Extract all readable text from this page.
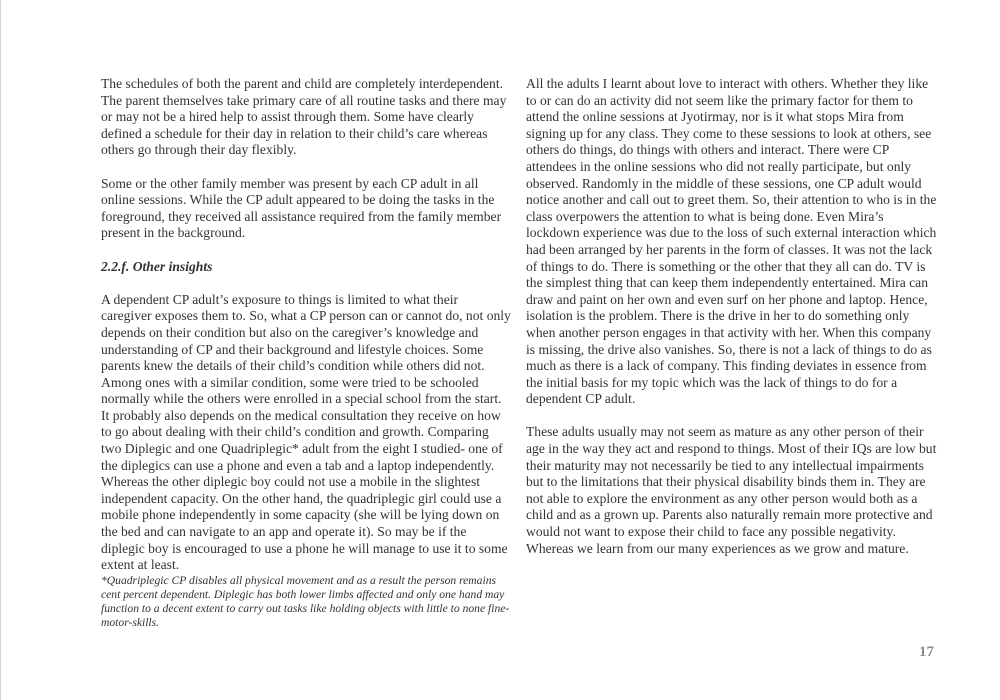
The schedules of both the parent and child are completely interdependent. The parent themselves take primary care of all routine tasks and there may or may not be a hired help to assist through them. Some have clearly defined a schedule for their day in relation to their child’s care whereas others go through their day flexibly.

Some or the other family member was present by each CP adult in all online sessions. While the CP adult appeared to be doing the tasks in the foreground, they received all assistance required from the family member present in the background.

2.2.f. Other insights

A dependent CP adult’s exposure to things is limited to what their caregiver exposes them to. So, what a CP person can or cannot do, not only depends on their condition but also on the caregiver’s knowledge and understanding of CP and their background and lifestyle choices. Some parents knew the details of their child’s condition while others did not. Among ones with a similar condition, some were tried to be schooled normally while the others were enrolled in a special school from the start. It probably also depends on the medical consultation they receive on how to go about dealing with their child’s condition and growth. Comparing two Diplegic and one Quadriplegic* adult from the eight I studied- one of the diplegics can use a phone and even a tab and a laptop independently. Whereas the other diplegic boy could not use a mobile in the slightest independent capacity. On the other hand, the quadriplegic girl could use a mobile phone independently in some capacity (she will be lying down on the bed and can navigate to an app and operate it). So may be if the diplegic boy is encouraged to use a phone he will manage to use it to some extent at least.

*Quadriplegic CP disables all physical movement and as a result the person remains cent percent dependent. Diplegic has both lower limbs affected and only one hand may function to a decent extent to carry out tasks like holding objects with little to none fine-motor-skills.

All the adults I learnt about love to interact with others. Whether they like to or can do an activity did not seem like the primary factor for them to attend the online sessions at Jyotirmay, nor is it what stops Mira from signing up for any class. They come to these sessions to look at others, see others do things, do things with others and interact. There were CP attendees in the online sessions who did not really participate, but only observed. Randomly in the middle of these sessions, one CP adult would notice another and call out to greet them. So, their attention to who is in the class overpowers the attention to what is being done. Even Mira’s lockdown experience was due to the loss of such external interaction which had been arranged by her parents in the form of classes. It was not the lack of things to do. There is something or the other that they all can do. TV is the simplest thing that can keep them independently entertained. Mira can draw and paint on her own and even surf on her phone and laptop. Hence, isolation is the problem. There is the drive in her to do something only when another person engages in that activity with her. When this company is missing, the drive also vanishes. So, there is not a lack of things to do as much as there is a lack of company. This finding deviates in essence from the initial basis for my topic which was the lack of things to do for a dependent CP adult.

These adults usually may not seem as mature as any other person of their age in the way they act and respond to things. Most of their IQs are low but their maturity may not necessarily be tied to any intellectual impairments but to the limitations that their physical disability binds them in. They are not able to explore the environment as any other person would both as a child and as a grown up. Parents also naturally remain more protective and would not want to expose their child to face any possible negativity. Whereas we learn from our many experiences as we grow and mature.

17
